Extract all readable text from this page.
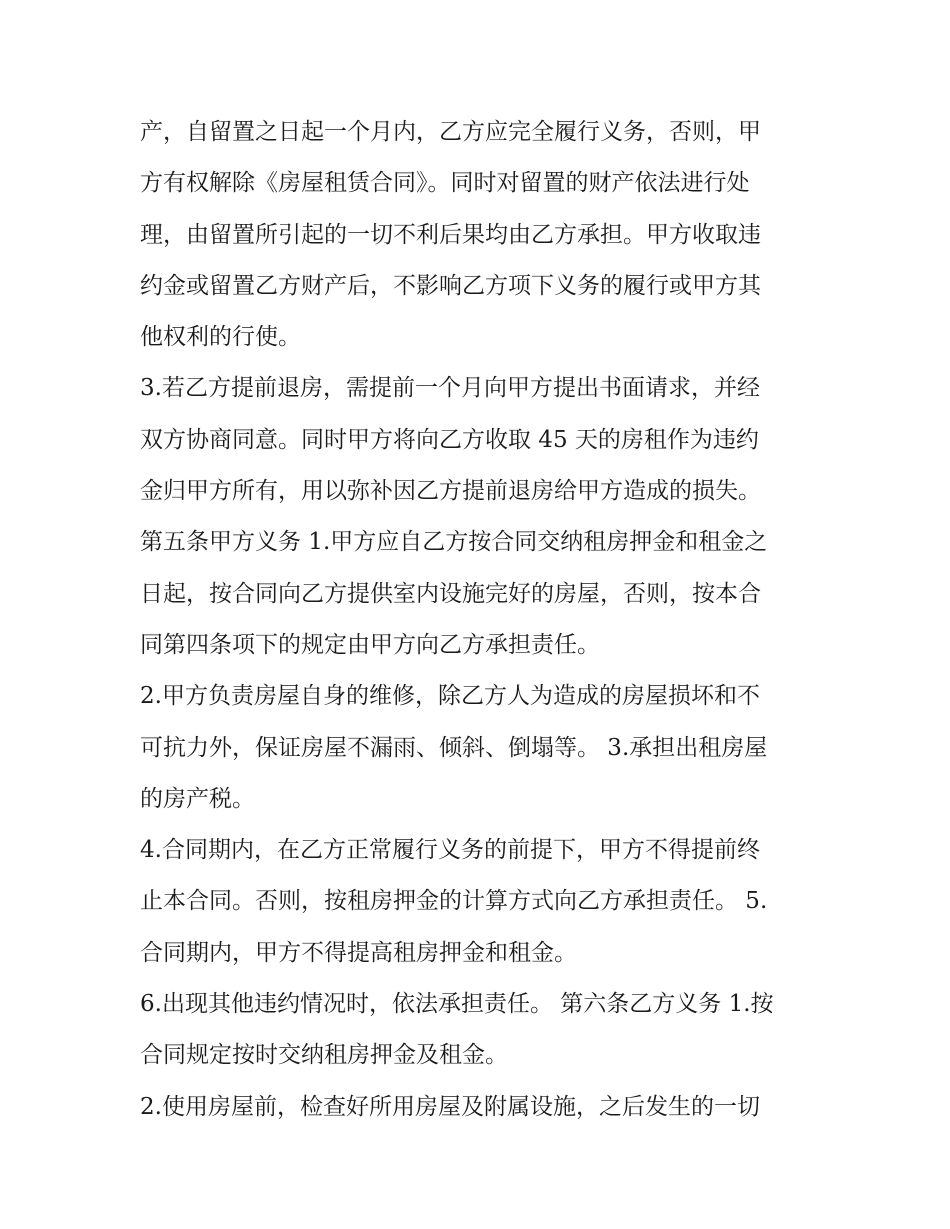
产，自留置之日起一个月内，乙方应完全履行义务，否则，甲
方有权解除《房屋租赁合同》。同时对留置的财产依法进行处
理，由留置所引起的一切不利后果均由乙方承担。甲方收取违
约金或留置乙方财产后，不影响乙方项下义务的履行或甲方其
他权利的行使。
3.若乙方提前退房，需提前一个月向甲方提出书面请求，并经
双方协商同意。同时甲方将向乙方收取 45 天的房租作为违约
金归甲方所有，用以弥补因乙方提前退房给甲方造成的损失。
第五条甲方义务 1.甲方应自乙方按合同交纳租房押金和租金之
日起，按合同向乙方提供室内设施完好的房屋，否则，按本合
同第四条项下的规定由甲方向乙方承担责任。
2.甲方负责房屋自身的维修，除乙方人为造成的房屋损坏和不
可抗力外，保证房屋不漏雨、倾斜、倒塌等。 3.承担出租房屋
的房产税。
4.合同期内，在乙方正常履行义务的前提下，甲方不得提前终
止本合同。否则，按租房押金的计算方式向乙方承担责任。 5.
合同期内，甲方不得提高租房押金和租金。
6.出现其他违约情况时，依法承担责任。 第六条乙方义务 1.按
合同规定按时交纳租房押金及租金。
2.使用房屋前，检查好所用房屋及附属设施，之后发生的一切
